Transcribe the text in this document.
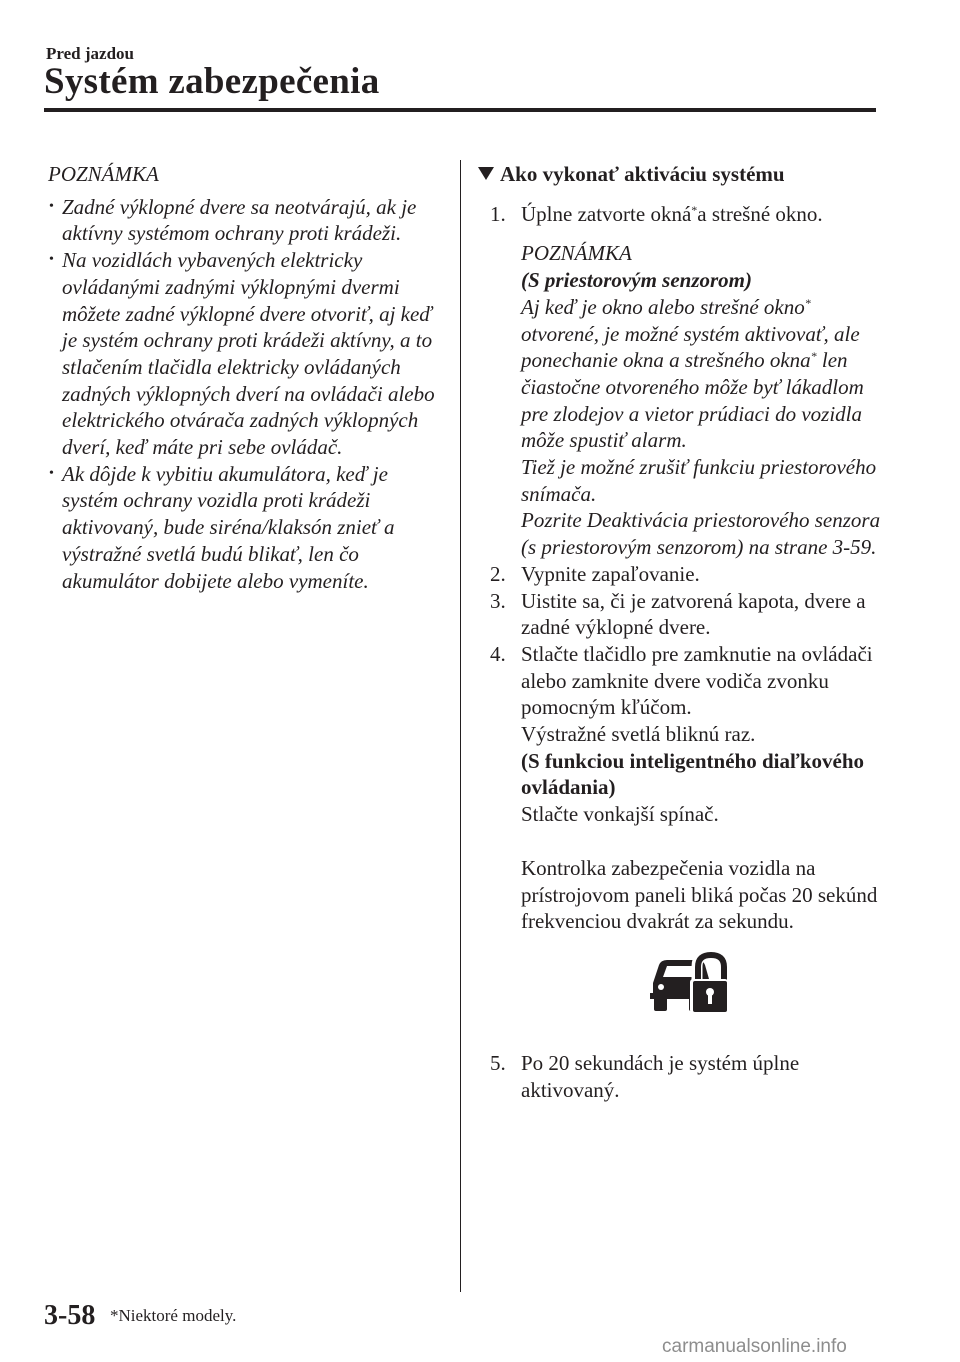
Pred jazdou
Systém zabezpečenia
POZNÁMKA
• Zadné výklopné dvere sa neotvárajú, ak je aktívny systémom ochrany proti krádeži.
• Na vozidlách vybavených elektricky ovládanými zadnými výklopnými dvermi môžete zadné výklopné dvere otvoriť, aj keď je systém ochrany proti krádeži aktívny, a to stlačením tlačidla elektricky ovládaných zadných výklopných dverí na ovládači alebo elektrického otvárača zadných výklopných dverí, keď máte pri sebe ovládač.
• Ak dôjde k vybitiu akumulátora, keď je systém ochrany vozidla proti krádeži aktivovaný, bude siréna/klaksón znieť a výstražné svetlá budú blikať, len čo akumulátor dobijete alebo vymeníte.
Ako vykonať aktiváciu systému
1. Úplne zatvorte okná*a strešné okno.
POZNÁMKA
(S priestorovým senzorom)
Aj keď je okno alebo strešné okno* otvorené, je možné systém aktivovať, ale ponechanie okna a strešného okna* len čiastočne otvoreného môže byť lákadlom pre zlodejov a vietor prúdiaci do vozidla môže spustiť alarm.
Tiež je možné zrušiť funkciu priestorového snímača.
Pozrite Deaktivácia priestorového senzora (s priestorovým senzorom) na strane 3-59.
2. Vypnite zapaľovanie.
3. Uistite sa, či je zatvorená kapota, dvere a zadné výklopné dvere.
4. Stlačte tlačidlo pre zamknutie na ovládači alebo zamknite dvere vodiča zvonku pomocným kľúčom.
Výstražné svetlá bliknú raz.
(S funkciou inteligentného diaľkového ovládania)
Stlačte vonkajší spínač.
Kontrolka zabezpečenia vozidla na prístrojovom paneli bliká počas 20 sekúnd frekvenciou dvakrát za sekundu.
5. Po 20 sekundách je systém úplne aktivovaný.
3-58 *Niektoré modely.
carmanualsonline.info
